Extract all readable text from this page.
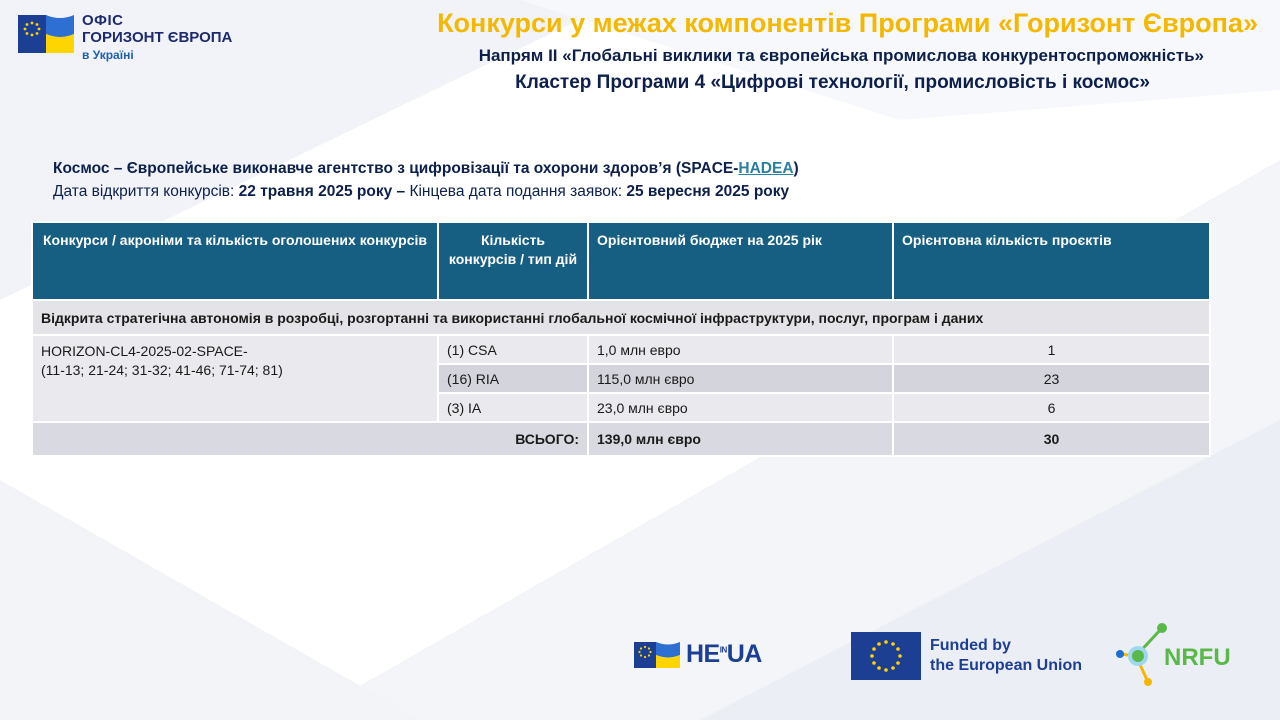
ОФІС
ГОРИЗОНТ ЄВРОПА
в Україні
Конкурси у межах компонентів Програми «Горизонт Європа»
Напрям II «Глобальні виклики та європейська промислова конкурентоспроможність»
Кластер Програми 4 «Цифрові технології, промисловість і космос»
Космос – Європейське виконавче агентство з цифровізації та охорони здоров’я (SPACE-HADEA)
Дата відкриття конкурсів: 22 травня 2025 року – Кінцева дата подання заявок: 25 вересня 2025 року
Конкурси / акроніми та кількість оголошених конкурсів	Кількість конкурсів / тип дій	Орієнтовний бюджет на 2025 рік	Орієнтовна кількість проєктів
Відкрита стратегічна автономія в розробці, розгортанні та використанні глобальної космічної інфраструктури, послуг, програм і даних			
HORIZON-CL4-2025-02-SPACE-
(11-13; 21-24; 31-32; 41-46; 71-74; 81)	(1) CSA	1,0 млн евро	1
	(16) RIA	115,0 млн євро	23
	(3) IA	23,0 млн євро	6
ВСЬОГО:		139,0 млн євро	30
$HE^{IN}UA$	Funded by
the European Union	NRFU
